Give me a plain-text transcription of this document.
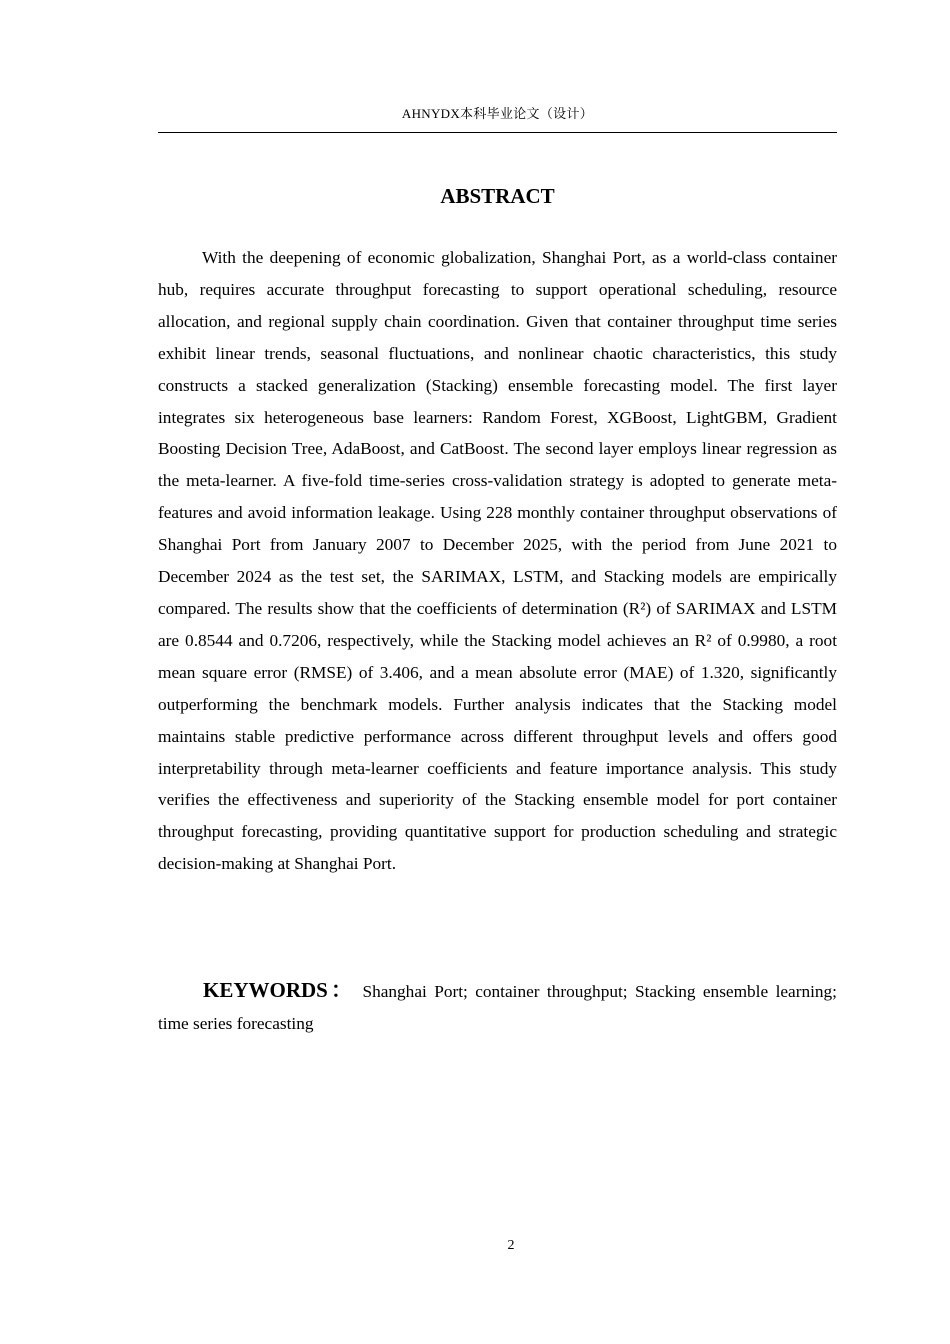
AHNYDX本科毕业论文（设计）
ABSTRACT

With the deepening of economic globalization, Shanghai Port, as a world-class container hub, requires accurate throughput forecasting to support operational scheduling, resource allocation, and regional supply chain coordination. Given that container throughput time series exhibit linear trends, seasonal fluctuations, and nonlinear chaotic characteristics, this study constructs a stacked generalization (Stacking) ensemble forecasting model. The first layer integrates six heterogeneous base learners: Random Forest, XGBoost, LightGBM, Gradient Boosting Decision Tree, AdaBoost, and CatBoost. The second layer employs linear regression as the meta-learner. A five-fold time-series cross-validation strategy is adopted to generate meta-features and avoid information leakage. Using 228 monthly container throughput observations of Shanghai Port from January 2007 to December 2025, with the period from June 2021 to December 2024 as the test set, the SARIMAX, LSTM, and Stacking models are empirically compared. The results show that the coefficients of determination (R²) of SARIMAX and LSTM are 0.8544 and 0.7206, respectively, while the Stacking model achieves an R² of 0.9980, a root mean square error (RMSE) of 3.406, and a mean absolute error (MAE) of 1.320, significantly outperforming the benchmark models. Further analysis indicates that the Stacking model maintains stable predictive performance across different throughput levels and offers good interpretability through meta-learner coefficients and feature importance analysis. This study verifies the effectiveness and superiority of the Stacking ensemble model for port container throughput forecasting, providing quantitative support for production scheduling and strategic decision-making at Shanghai Port.

KEYWORDS： Shanghai Port; container throughput; Stacking ensemble learning; time series forecasting

2
